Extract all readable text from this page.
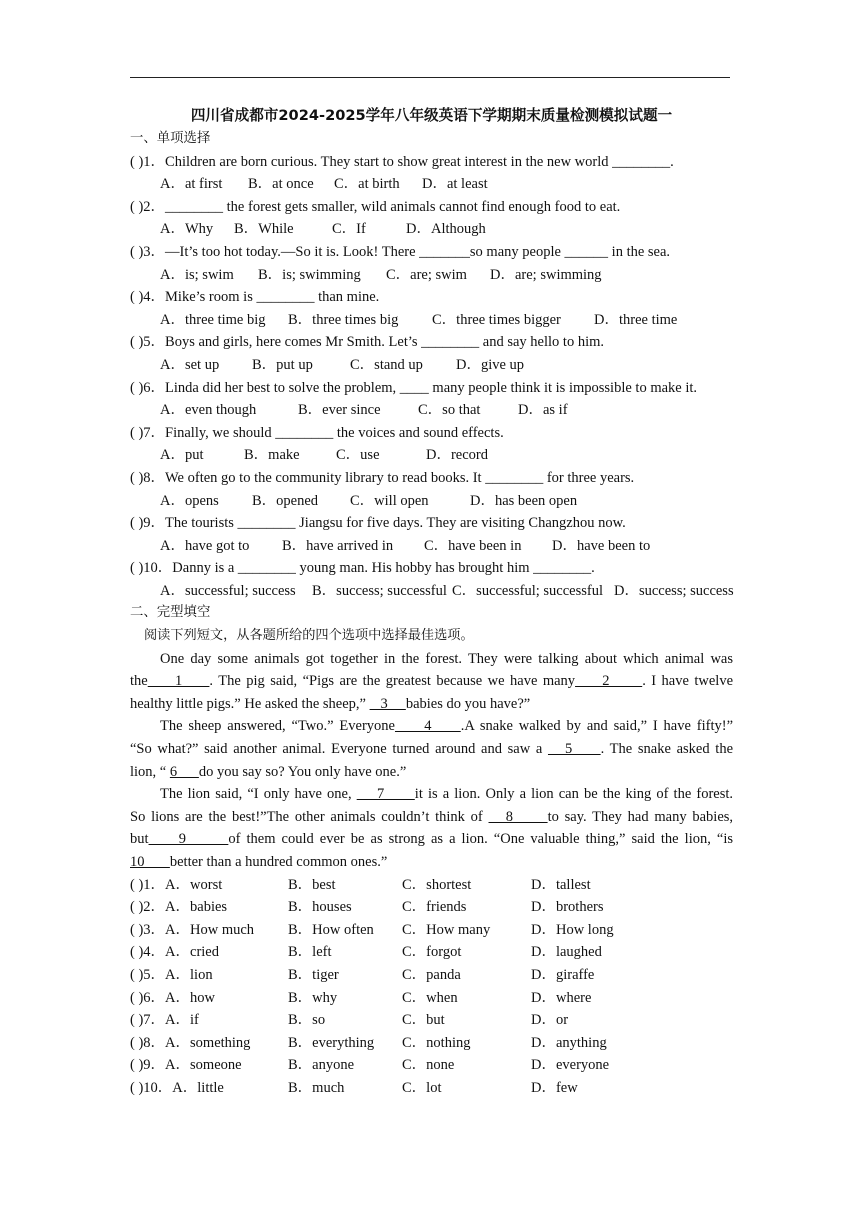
四川省成都市2024-2025学年八年级英语下学期期末质量检测模拟试题一
一、单项选择
( )1．Children are born curious. They start to show great interest in the new world ________.
A．at first B．at once C．at birth D．at least
( )2．________ the forest gets smaller, wild animals cannot find enough food to eat.
A．Why B．While	C．If	D．Although
( )3．—It’s too hot today.—So it is. Look! There _______so many people ______ in the sea.
A．is; swim B．is; swimming C．are; swim D．are; swimming
( )4．Mike’s room is ________ than mine.
A．three time big B．three times big C．three times bigger D．three time
( )5．Boys and girls, here comes Mr Smith. Let’s ________ and say hello to him.
A．set up B．put up	C．stand up D．give up
( )6．Linda did her best to solve the problem, ____ many people think it is impossible to make it.
A．even though	B．ever since	C．so that	D．as if
( )7．Finally, we should ________ the voices and sound effects.
A．put	B．make	C．use	D．record
( )8．We often go to the community library to read books. It ________ for three years.
A．opens B．opened C．will open	D．has been open
( )9．The tourists ________ Jiangsu for five days. They are visiting Changzhou now.
A．have got to B．have arrived in C．have been in D．have been to
( )10．Danny is a ________ young man. His hobby has brought him ________.
A．successful; success B．success; successful C．successful; successful D．success; success
二、完型填空
阅读下列短文，从各题所给的四个选项中选择最佳选项。
One day some animals got together in the forest. They were talking about which animal was
the     1     . The pig said, “Pigs are the greatest because we have many     2      . I have twelve
healthy little pigs.” He asked the sheep,”    3     babies do you have?”
The sheep answered, “Two.” Everyone     4     .A snake walked by and said,” I have fifty!”
“So what?” said another animal. Everyone turned around and saw a    5     . The snake asked the
lion, “ 6      do you say so? You only have one.”
The lion said, “I only have one,     7      it is a lion. Only a lion can be the king of the forest.
So lions are the best!”The other animals couldn’t think of    8      to say. They had many babies,
but     9       of them could ever be as strong as a lion. “One valuable thing,” said the lion, “is
10 better than a hundred common ones.”
( )1．A．worst	B．best	C．shortest	D．tallest
( )2．A．babies	B．houses	C．friends	D．brothers
( )3．A．How much	B．How often	C．How many	D．How long
( )4．A．cried	B．left	C．forgot	D．laughed
( )5．A．lion	B．tiger	C．panda	D．giraffe
( )6．A．how	B．why	C．when	D．where
( )7．A．if	B．so	C．but	D．or
( )8．A．something	B．everything	C．nothing	D．anything
( )9．A．someone	B．anyone	C．none	D．everyone
( )10．A．little	B．much	C．lot	D．few
